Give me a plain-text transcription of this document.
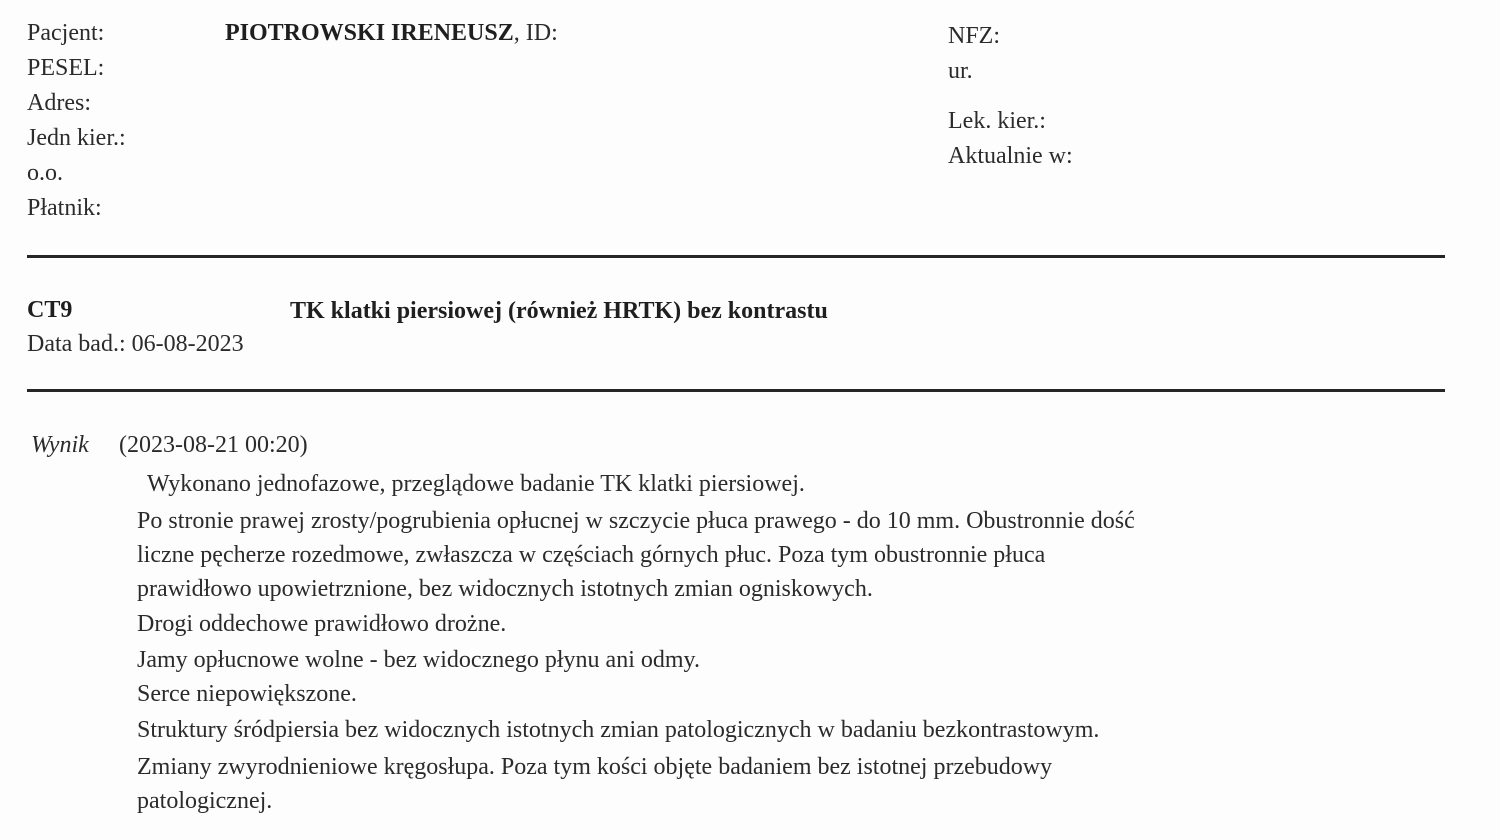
Pacjent:
PESEL:
Adres:
Jedn kier.:
o.o.
Płatnik:
PIOTROWSKI IRENEUSZ, ID:	NFZ:
ur.
Lek. kier.:
Aktualnie w:
CT9	TK klatki piersiowej (również HRTK) bez kontrastu
Data bad.: 06-08-2023
Wynik (2023-08-21 00:20)
Wykonano jednofazowe, przeglądowe badanie TK klatki piersiowej.
Po stronie prawej zrosty/pogrubienia opłucnej w szczycie płuca prawego - do 10 mm. Obustronnie dość
liczne pęcherze rozedmowe, zwłaszcza w częściach górnych płuc. Poza tym obustronnie płuca
prawidłowo upowietrznione, bez widocznych istotnych zmian ogniskowych.
Drogi oddechowe prawidłowo drożne.
Jamy opłucnowe wolne - bez widocznego płynu ani odmy.
Serce niepowiększone.
Struktury śródpiersia bez widocznych istotnych zmian patologicznych w badaniu bezkontrastowym.
Zmiany zwyrodnieniowe kręgosłupa. Poza tym kości objęte badaniem bez istotnej przebudowy
patologicznej.
